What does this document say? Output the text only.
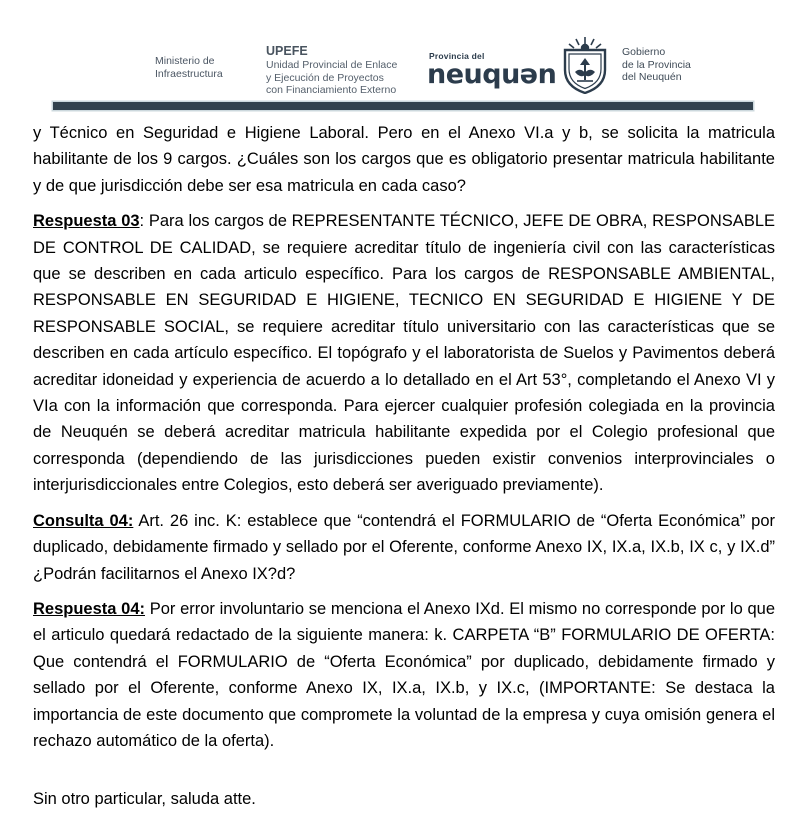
Ministerio de
Infraestructura
UPEFE
Unidad Provincial de Enlace
y Ejecución de Proyectos
con Financiamiento Externo
Provincia del
neuquən
Gobierno
de la Provincia
del Neuquén

y Técnico en Seguridad e Higiene Laboral. Pero en el Anexo VI.a y b, se solicita la matricula habilitante de los 9 cargos. ¿Cuáles son los cargos que es obligatorio presentar matricula habilitante y de que jurisdicción debe ser esa matricula en cada caso?

Respuesta 03: Para los cargos de REPRESENTANTE TÉCNICO, JEFE DE OBRA, RESPONSABLE DE CONTROL DE CALIDAD, se requiere acreditar título de ingeniería civil con las características que se describen en cada articulo específico. Para los cargos de RESPONSABLE AMBIENTAL, RESPONSABLE EN SEGURIDAD E HIGIENE, TECNICO EN SEGURIDAD E HIGIENE Y DE RESPONSABLE SOCIAL, se requiere acreditar título universitario con las características que se describen en cada artículo específico. El topógrafo y el laboratorista de Suelos y Pavimentos deberá acreditar idoneidad y experiencia de acuerdo a lo detallado en el Art 53°, completando el Anexo VI y VIa con la información que corresponda. Para ejercer cualquier profesión colegiada en la provincia de Neuquén se deberá acreditar matricula habilitante expedida por el Colegio profesional que corresponda (dependiendo de las jurisdicciones pueden existir convenios interprovinciales o interjurisdiccionales entre Colegios, esto deberá ser averiguado previamente).

Consulta 04: Art. 26 inc. K: establece que “contendrá el FORMULARIO de “Oferta Económica” por duplicado, debidamente firmado y sellado por el Oferente, conforme Anexo IX, IX.a, IX.b, IX c, y IX.d” ¿Podrán facilitarnos el Anexo IX?d?

Respuesta 04: Por error involuntario se menciona el Anexo IXd. El mismo no corresponde por lo que el articulo quedará redactado de la siguiente manera: k. CARPETA “B” FORMULARIO DE OFERTA: Que contendrá el FORMULARIO de “Oferta Económica” por duplicado, debidamente firmado y sellado por el Oferente, conforme Anexo IX, IX.a, IX.b, y IX.c, (IMPORTANTE: Se destaca la importancia de este documento que compromete la voluntad de la empresa y cuya omisión genera el rechazo automático de la oferta).

Sin otro particular, saluda atte.
